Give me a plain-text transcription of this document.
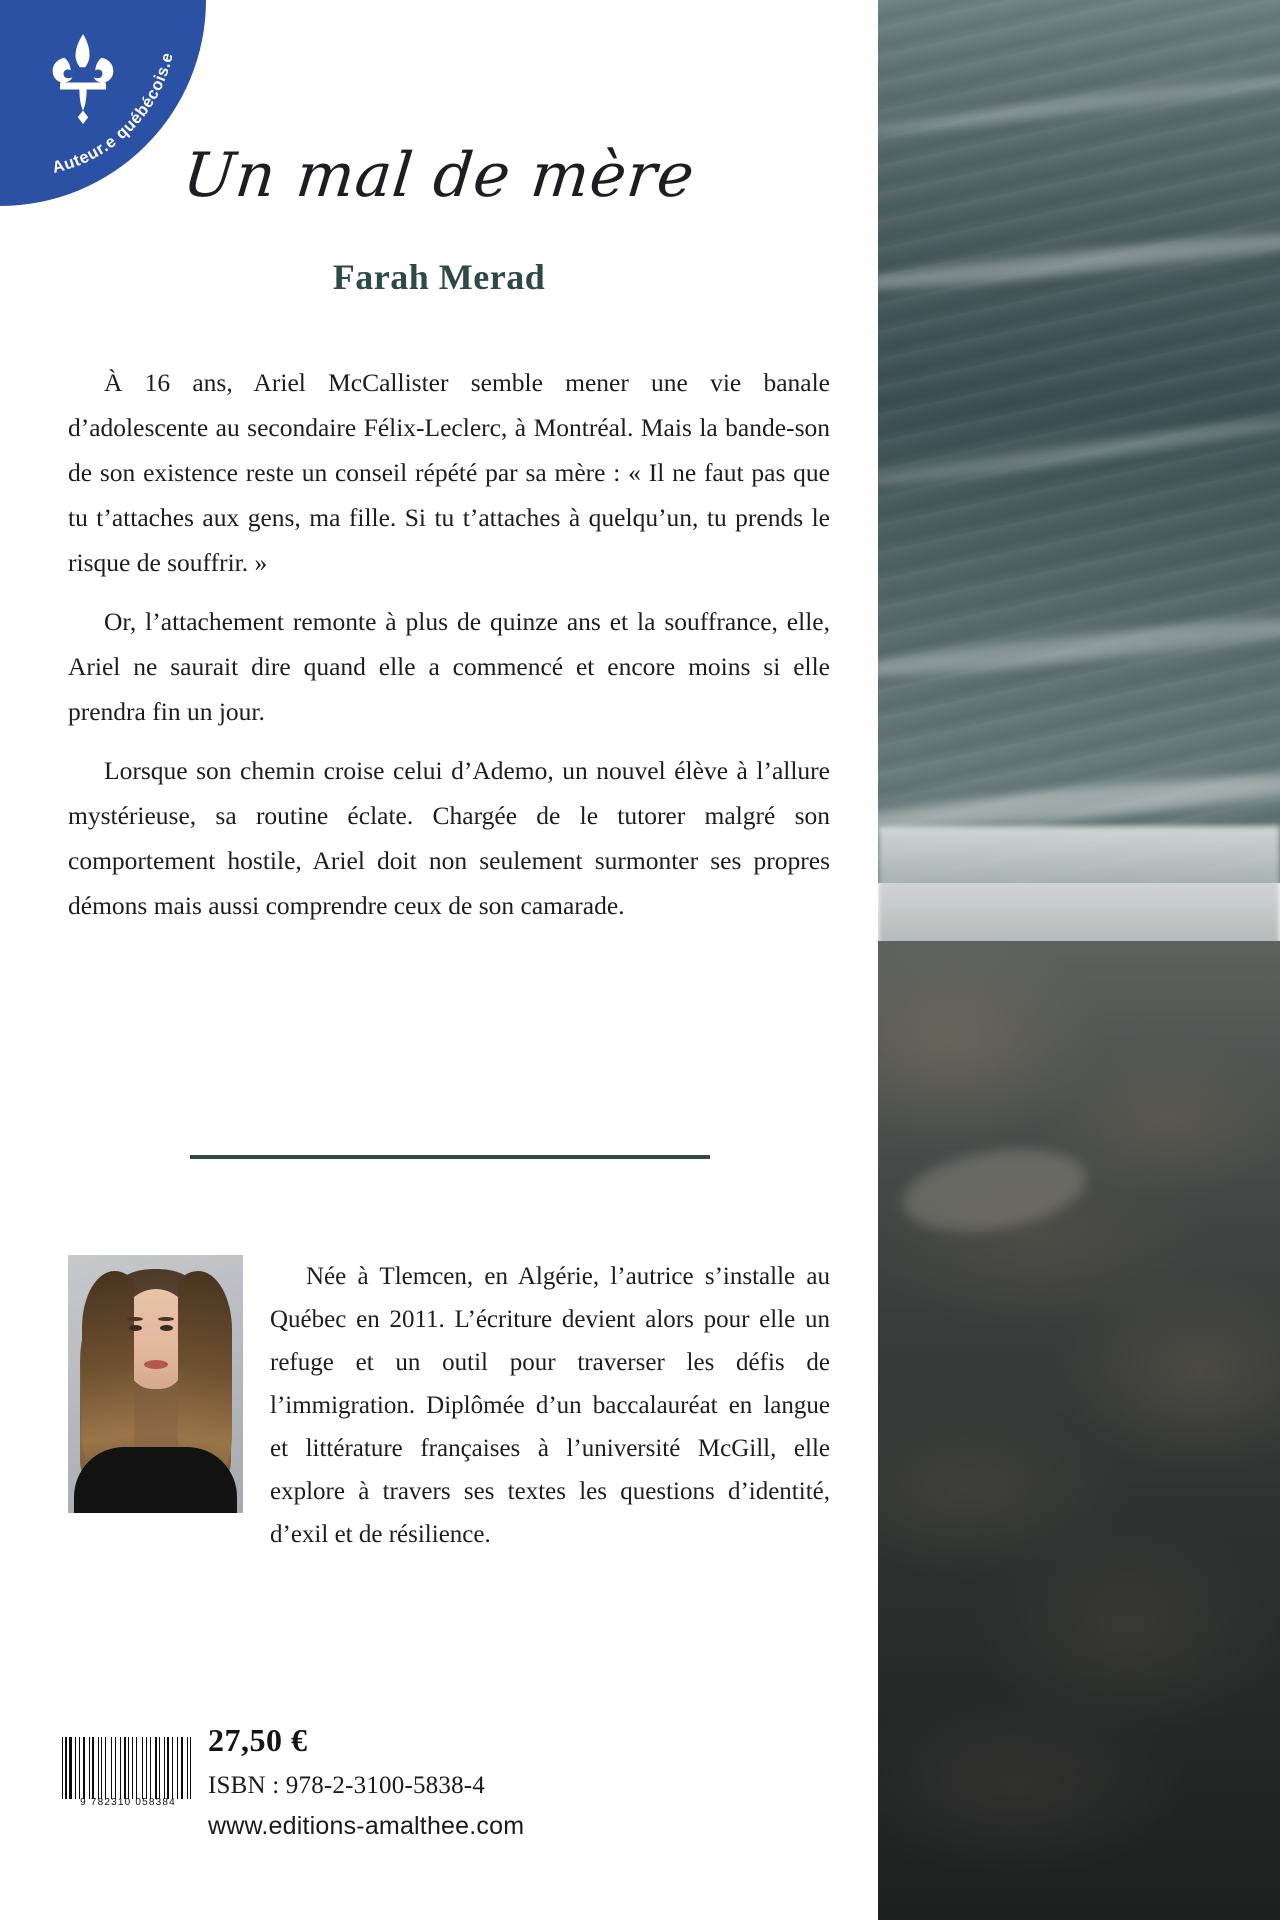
Un mal de mère
Farah Merad

À 16 ans, Ariel McCallister semble mener une vie banale d’adolescente au secondaire Félix-Leclerc, à Montréal. Mais la bande-son de son existence reste un conseil répété par sa mère : « Il ne faut pas que tu t’attaches aux gens, ma fille. Si tu t’attaches à quelqu’un, tu prends le risque de souffrir. »

Or, l’attachement remonte à plus de quinze ans et la souffrance, elle, Ariel ne saurait dire quand elle a commencé et encore moins si elle prendra fin un jour.

Lorsque son chemin croise celui d’Ademo, un nouvel élève à l’allure mystérieuse, sa routine éclate. Chargée de le tutorer malgré son comportement hostile, Ariel doit non seulement surmonter ses propres démons mais aussi comprendre ceux de son camarade.

Née à Tlemcen, en Algérie, l’autrice s’installe au Québec en 2011. L’écriture devient alors pour elle un refuge et un outil pour traverser les défis de l’immigration. Diplômée d’un baccalauréat en langue et littérature françaises à l’université McGill, elle explore à travers ses textes les questions d’identité, d’exil et de résilience.
9 782310 058384
27,50 €
ISBN : 978-2-3100-5838-4
www.editions-amalthee.com
Auteur.e québécois.e
